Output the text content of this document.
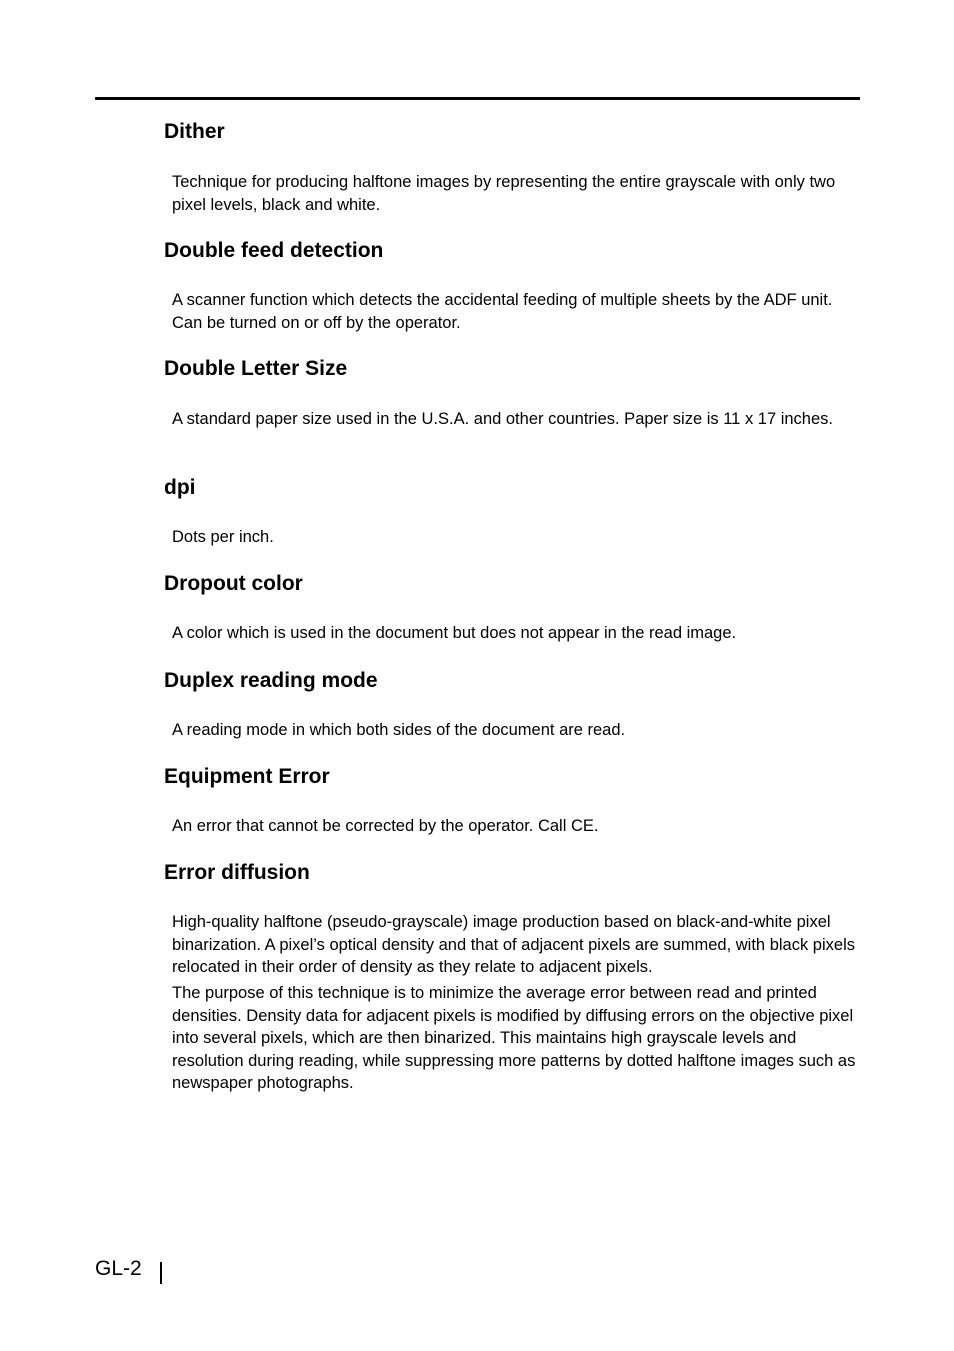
Dither

Technique for producing halftone images by representing the entire grayscale with only two pixel levels, black and white.

Double feed detection

A scanner function which detects the accidental feeding of multiple sheets by the ADF unit. Can be turned on or off by the operator.

Double Letter Size

A standard paper size used in the U.S.A. and other countries. Paper size is 11 x 17 inches.

dpi

Dots per inch.

Dropout color

A color which is used in the document but does not appear in the read image.

Duplex reading mode

A reading mode in which both sides of the document are read.

Equipment Error

An error that cannot be corrected by the operator. Call CE.

Error diffusion

High-quality halftone (pseudo-grayscale) image production based on black-and-white pixel binarization. A pixel’s optical density and that of adjacent pixels are summed, with black pixels relocated in their order of density as they relate to adjacent pixels.

The purpose of this technique is to minimize the average error between read and printed densities. Density data for adjacent pixels is modified by diffusing errors on the objective pixel into several pixels, which are then binarized. This maintains high grayscale levels and resolution during reading, while suppressing more patterns by dotted halftone images such as newspaper photographs.

GL-2
